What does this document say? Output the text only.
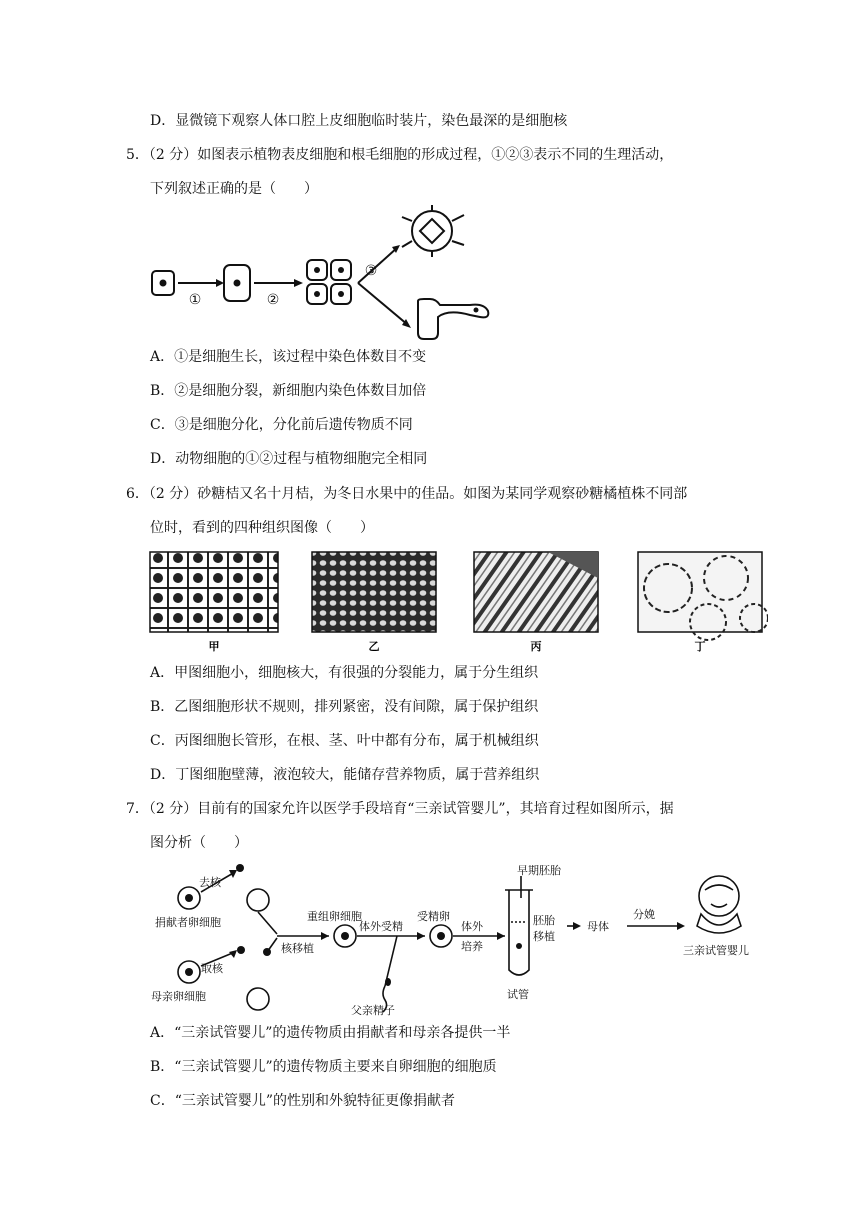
D．显微镜下观察人体口腔上皮细胞临时装片，染色最深的是细胞核
5．（2 分）如图表示植物表皮细胞和根毛细胞的形成过程，①②③表示不同的生理活动，
下列叙述正确的是（　　）
①	②
③
A．①是细胞生长，该过程中染色体数目不变
B．②是细胞分裂，新细胞内染色体数目加倍
C．③是细胞分化，分化前后遗传物质不同
D．动物细胞的①②过程与植物细胞完全相同
6．（2 分）砂糖桔又名十月桔，为冬日水果中的佳品。如图为某同学观察砂糖橘植株不同部
位时，看到的四种组织图像（　　）
甲	乙	丙	丁
A．甲图细胞小，细胞核大，有很强的分裂能力，属于分生组织
B．乙图细胞形状不规则，排列紧密，没有间隙，属于保护组织
C．丙图细胞长管形，在根、茎、叶中都有分布，属于机械组织
D．丁图细胞壁薄，液泡较大，能储存营养物质，属于营养组织
7．（2 分）目前有的国家允许以医学手段培育“三亲试管婴儿”，其培育过程如图所示，据
图分析（　　）
去核
捐献者卵细胞
取核
母亲卵细胞
核移植
重组卵细胞
体外受精
受精卵
体外
培养
早期胚胎
胚胎
移植
试管
母体
分娩
父亲精子
三亲试管婴儿
A．“三亲试管婴儿”的遗传物质由捐献者和母亲各提供一半
B．“三亲试管婴儿”的遗传物质主要来自卵细胞的细胞质
C．“三亲试管婴儿”的性别和外貌特征更像捐献者
